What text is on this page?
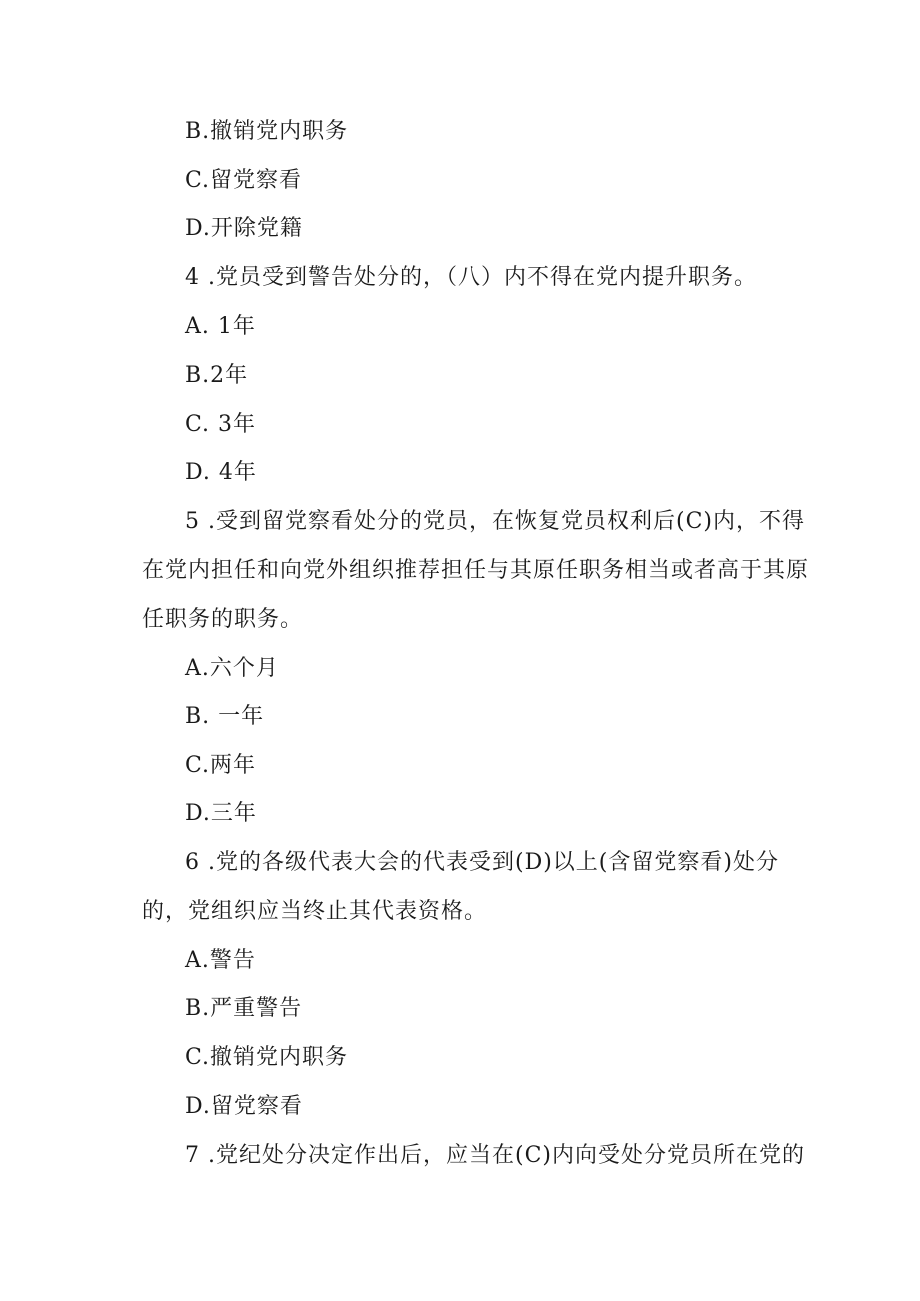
B.撤销党内职务
C.留党察看
D.开除党籍
4 .党员受到警告处分的，（八）内不得在党内提升职务。
A. 1年
B.2年
C. 3年
D. 4年
5 .受到留党察看处分的党员，在恢复党员权利后(C)内，不得
在党内担任和向党外组织推荐担任与其原任职务相当或者高于其原
任职务的职务。
A.六个月
B. 一年
C.两年
D.三年
6 .党的各级代表大会的代表受到(D)以上(含留党察看)处分
的，党组织应当终止其代表资格。
A.警告
B.严重警告
C.撤销党内职务
D.留党察看
7 .党纪处分决定作出后，应当在(C)内向受处分党员所在党的
